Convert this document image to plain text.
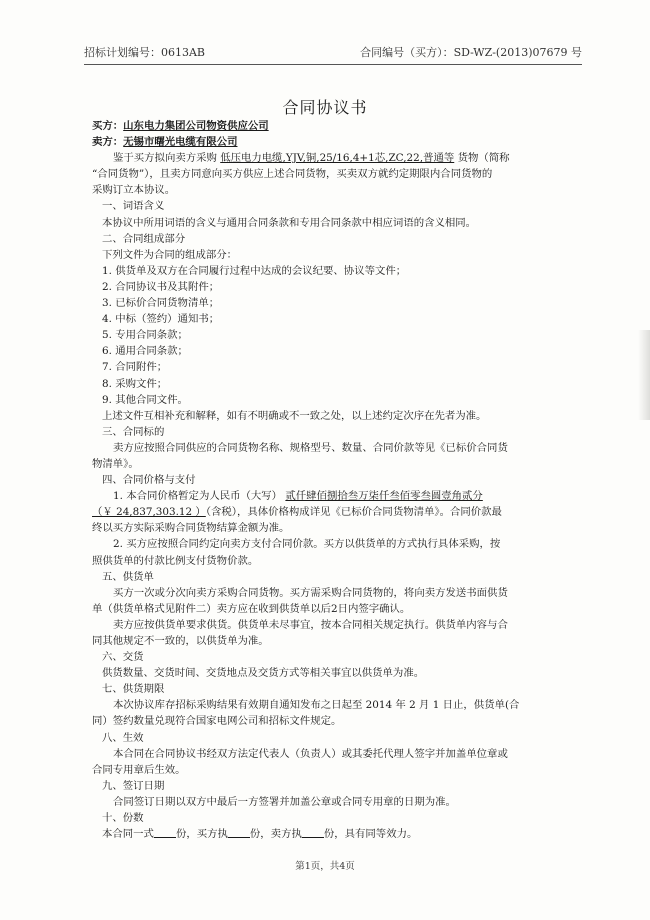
招标计划编号：0613AB	合同编号（买方）：SD-WZ-(2013)07679 号
合同协议书
买方：山东电力集团公司物资供应公司
卖方：无锡市曙光电缆有限公司
鉴于买方拟向卖方采购 低压电力电缆,YJV,铜,25/16,4+1芯,ZC,22,普通等 货物（简称
“合同货物”），且卖方同意向买方供应上述合同货物，买卖双方就约定期限内合同货物的
采购订立本协议。
一、词语含义
本协议中所用词语的含义与通用合同条款和专用合同条款中相应词语的含义相同。
二、合同组成部分
下列文件为合同的组成部分：
1. 供货单及双方在合同履行过程中达成的会议纪要、协议等文件；
2. 合同协议书及其附件；
3. 已标价合同货物清单；
4. 中标（签约）通知书；
5. 专用合同条款；
6. 通用合同条款；
7. 合同附件；
8. 采购文件；
9. 其他合同文件。
上述文件互相补充和解释，如有不明确或不一致之处，以上述约定次序在先者为准。
三、合同标的
卖方应按照合同供应的合同货物名称、规格型号、数量、合同价款等见《已标价合同货
物清单》。
四、合同价格与支付
1. 本合同价格暂定为人民币（大写） 贰仟肆佰捌拾叁万柒仟叁佰零叁圆壹角贰分
（￥ 24,837,303.12 ）（含税），具体价格构成详见《已标价合同货物清单》。合同价款最
终以买方实际采购合同货物结算金额为准。
2. 买方应按照合同约定向卖方支付合同价款。买方以供货单的方式执行具体采购，按
照供货单的付款比例支付货物价款。
五、供货单
买方一次或分次向卖方采购合同货物。买方需采购合同货物的，将向卖方发送书面供货
单（供货单格式见附件二）卖方应在收到供货单以后2日内签字确认。
卖方应按供货单要求供货。供货单未尽事宜，按本合同相关规定执行。供货单内容与合
同其他规定不一致的，以供货单为准。
六、交货
供货数量、交货时间、交货地点及交货方式等相关事宜以供货单为准。
七、供货期限
本次协议库存招标采购结果有效期自通知发布之日起至 2014 年 2 月 1 日止，供货单(合
同）签约数量兑现符合国家电网公司和招标文件规定。
八、生效
本合同在合同协议书经双方法定代表人（负责人）或其委托代理人签字并加盖单位章或
合同专用章后生效。
九、签订日期
合同签订日期以双方中最后一方签署并加盖公章或合同专用章的日期为准。
十、份数
本合同一式 份，买方执 份，卖方执 份，具有同等效力。
第1页，共4页
